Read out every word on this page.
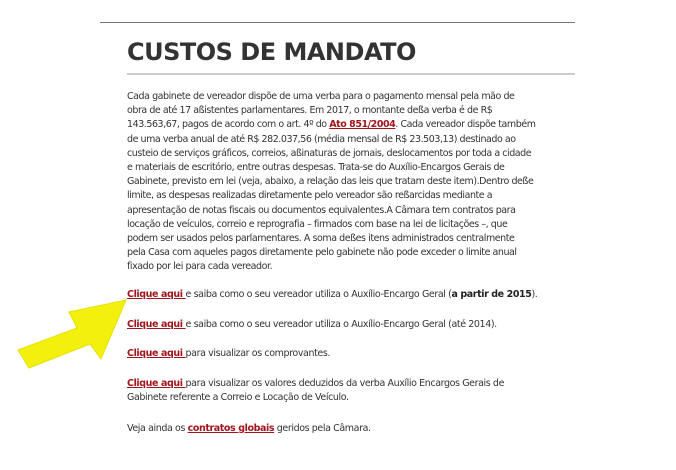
CUSTOS DE MANDATO

Cada gabinete de vereador dispõe de uma verba para o pagamento mensal pela mão de
obra de até 17 aßistentes parlamentares. Em 2017, o montante deßa verba é de R$
143.563,67, pagos de acordo com o art. 4º do Ato 851/2004. Cada vereador dispõe também
de uma verba anual de até R$ 282.037,56 (média mensal de R$ 23.503,13) destinado ao
custeio de serviços gráficos, correios, aßinaturas de jornais, deslocamentos por toda a cidade
e materiais de escritório, entre outras despesas. Trata-se do Auxílio-Encargos Gerais de
Gabinete, previsto em lei (veja, abaixo, a relação das leis que tratam deste item).Dentro deße
limite, as despesas realizadas diretamente pelo vereador são reßarcidas mediante a
apresentação de notas fiscais ou documentos equivalentes.A Câmara tem contratos para
locação de veículos, correio e reprografia – firmados com base na lei de licitações –, que
podem ser usados pelos parlamentares. A soma deßes itens administrados centralmente
pela Casa com aqueles pagos diretamente pelo gabinete não pode exceder o limite anual
fixado por lei para cada vereador.

Clique aqui e saiba como o seu vereador utiliza o Auxílio-Encargo Geral (a partir de 2015).

Clique aqui e saiba como o seu vereador utiliza o Auxílio-Encargo Geral (até 2014).

Clique aqui para visualizar os comprovantes.

Clique aqui para visualizar os valores deduzidos da verba Auxílio Encargos Gerais de
Gabinete referente a Correio e Locação de Veículo.

Veja ainda os contratos globais geridos pela Câmara.
